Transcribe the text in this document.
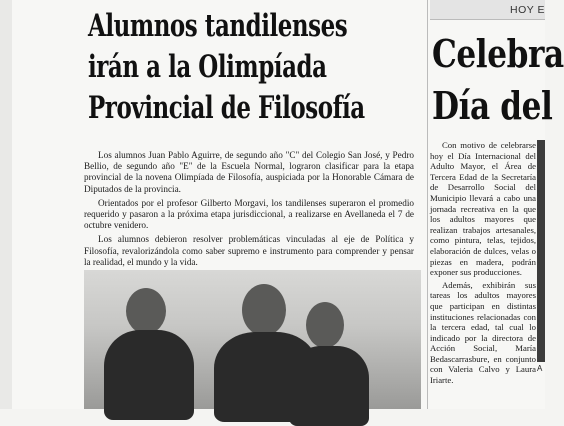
Alumnos tandilenses
irán a la Olimpíada
Provincial de Filosofía

Los alumnos Juan Pablo Aguirre, de segundo año "C" del Colegio San José, y Pedro Bellio, de segundo año "E" de la Escuela Normal, lograron clasificar para la etapa provincial de la novena Olimpíada de Filosofía, auspiciada por la Honorable Cámara de Diputados de la provincia.

Orientados por el profesor Gilberto Morgavi, los tandilenses superaron el promedio requerido y pasaron a la próxima etapa jurisdiccional, a realizarse en Avellaneda el 7 de octubre venidero.

Los alumnos debieron resolver problemáticas vinculadas al eje de Política y Filosofía, revalorizándola como saber supremo e instrumento para comprender y pensar la realidad, el mundo y la vida.

HOY E
Celebra
Día del

Con motivo de celebrarse hoy el Día Internacional del Adulto Mayor, el Área de Tercera Edad de la Secretaría de Desarrollo Social del Municipio llevará a cabo una jornada recreativa en la que los adultos mayores que realizan trabajos artesanales, como pintura, telas, tejidos, elaboración de dulces, velas o piezas en madera, podrán exponer sus producciones.

Además, exhibirán sus tareas los adultos mayores que participan en distintas instituciones relacionadas con la tercera edad, tal cual lo indicado por la directora de Acción Social, María Bedascarrasbure, en conjunto con Valeria Calvo y Laura Iriarte.

A
